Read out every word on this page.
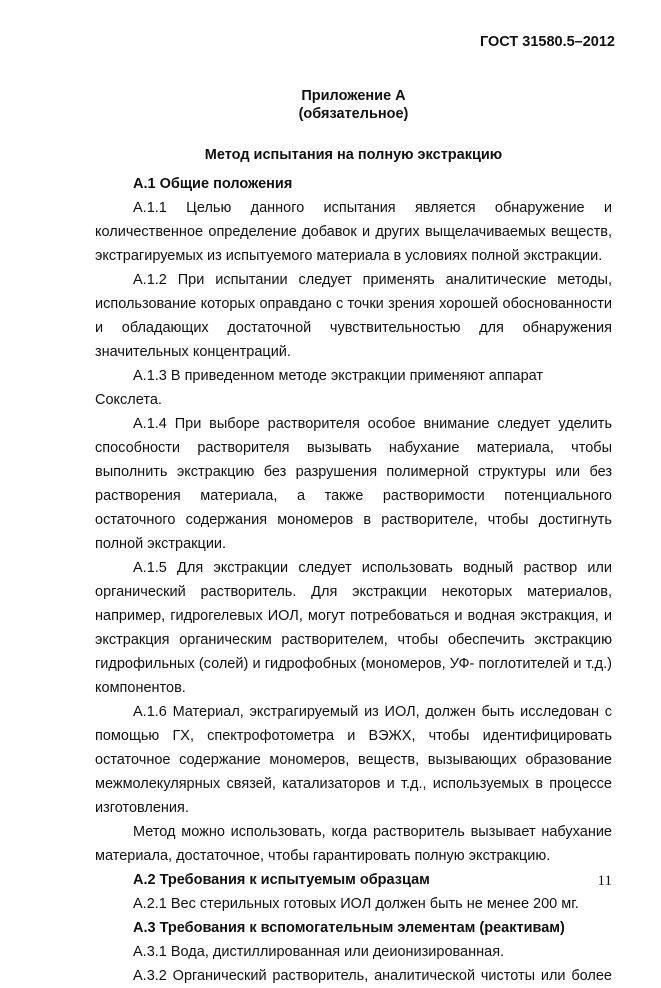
ГОСТ 31580.5–2012
Приложение А
(обязательное)
Метод испытания на полную экстракцию

А.1 Общие положения

А.1.1 Целью данного испытания является обнаружение и количественное определение добавок и других выщелачиваемых веществ, экстрагируемых из испытуемого материала в условиях полной экстракции.

А.1.2 При испытании следует применять аналитические методы, использование которых оправдано с точки зрения хорошей обоснованности и обладающих достаточной чувствительностью для обнаружения значительных концентраций.

А.1.3 В приведенном методе экстракции применяют аппарат Сокслета.

А.1.4 При выборе растворителя особое внимание следует уделить способности растворителя вызывать набухание материала, чтобы выполнить экстракцию без разрушения полимерной структуры или без растворения материала, а также растворимости потенциального остаточного содержания мономеров в растворителе, чтобы достигнуть полной экстракции.

А.1.5 Для экстракции следует использовать водный раствор или органический растворитель. Для экстракции некоторых материалов, например, гидрогелевых ИОЛ, могут потребоваться и водная экстракция, и экстракция органическим растворителем, чтобы обеспечить экстракцию гидрофильных (солей) и гидрофобных (мономеров, УФ- поглотителей и т.д.) компонентов.

А.1.6 Материал, экстрагируемый из ИОЛ, должен быть исследован с помощью ГХ, спектрофотометра и ВЭЖХ, чтобы идентифицировать остаточное содержание мономеров, веществ, вызывающих образование межмолекулярных связей, катализаторов и т.д., используемых в процессе изготовления.

Метод можно использовать, когда растворитель вызывает набухание материала, достаточное, чтобы гарантировать полную экстракцию.

А.2 Требования к испытуемым образцам

А.2.1 Вес стерильных готовых ИОЛ должен быть не менее 200 мг.

А.3 Требования к вспомогательным элементам (реактивам)

А.3.1 Вода, дистиллированная или деионизированная.

А.3.2 Органический растворитель, аналитической чистоты или более

11
